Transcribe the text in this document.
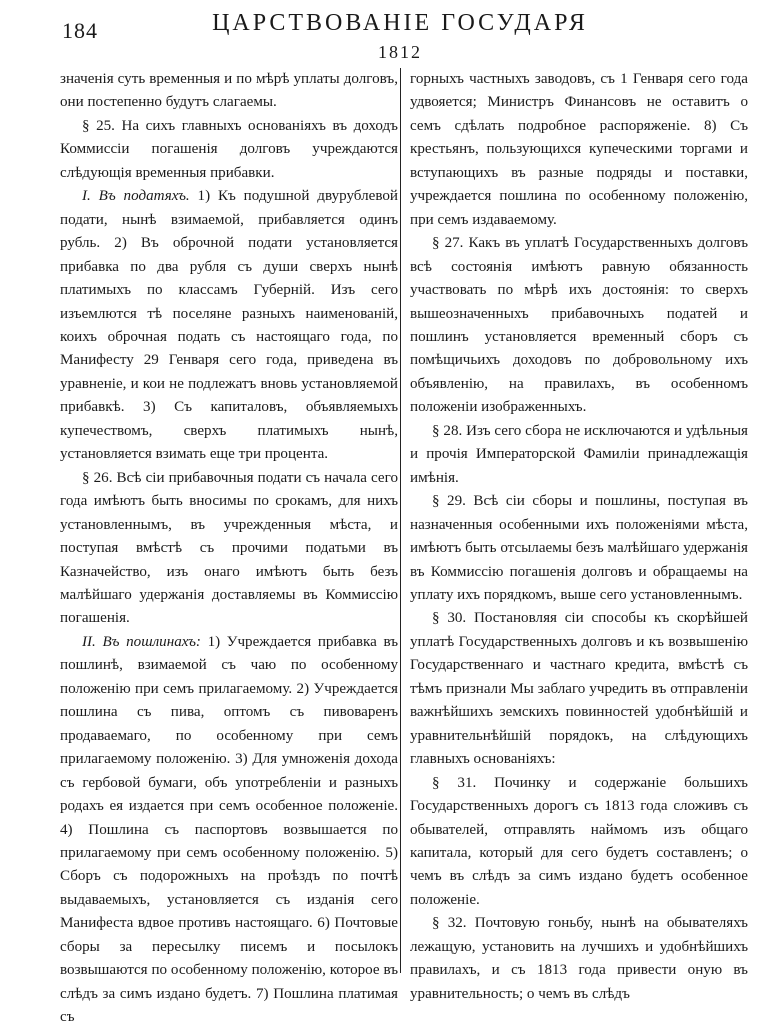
184	ЦАРСТВОВАНІЕ ГОСУДАРЯ
1812

значенія суть временныя и по мѣрѣ уплаты долговъ, они постепенно будутъ слагаемы.

§ 25. На сихъ главныхъ основаніяхъ въ доходъ Коммиссіи погашенія долговъ учреждаются слѣдующія временныя прибавки.

I. Въ податяхъ. 1) Къ подушной двурублевой подати, нынѣ взимаемой, прибавляется одинъ рубль. 2) Въ оброчной подати установляется прибавка по два рубля съ души сверхъ нынѣ платимыхъ по классамъ Губерній. Изъ сего изъемлются тѣ поселяне разныхъ наименованій, коихъ оброчная подать съ настоящаго года, по Манифесту 29 Генваря сего года, приведена въ уравненіе, и кои не подлежатъ вновь установляемой прибавкѣ. 3) Съ капиталовъ, объявляемыхъ купечествомъ, сверхъ платимыхъ нынѣ, установляется взимать еще три процента.

§ 26. Всѣ сіи прибавочныя подати съ начала сего года имѣютъ быть вносимы по срокамъ, для нихъ установленнымъ, въ учрежденныя мѣста, и поступая вмѣстѣ съ прочими податьми въ Казначейство, изъ онаго имѣютъ быть безъ малѣйшаго удержанія доставляемы въ Коммиссію погашенія.

II. Въ пошлинахъ: 1) Учреждается прибавка въ пошлинѣ, взимаемой съ чаю по особенному положенію при семъ прилагаемому. 2) Учреждается пошлина съ пива, оптомъ съ пивоваренъ продаваемаго, по особенному при семъ прилагаемому положенію. 3) Для умноженія дохода съ гербовой бумаги, объ употребленіи и разныхъ родахъ ея издается при семъ особенное положеніе. 4) Пошлина съ паспортовъ возвышается по прилагаемому при семъ особенному положенію. 5) Сборъ съ подорожныхъ на проѣздъ по почтѣ выдаваемыхъ, установляется съ изданія сего Манифеста вдвое противъ настоящаго. 6) Почтовые сборы за пересылку писемъ и посылокъ возвышаются по особенному положенію, которое въ слѣдъ за симъ издано будетъ. 7) Пошлина платимая съ

горныхъ частныхъ заводовъ, съ 1 Генваря сего года удвояется; Министръ Финансовъ не оставитъ о семъ сдѣлать подробное распоряженіе. 8) Съ крестьянъ, пользующихся купеческими торгами и вступающихъ въ разные подряды и поставки, учреждается пошлина по особенному положенію, при семъ издаваемому.

§ 27. Какъ въ уплатѣ Государственныхъ долговъ всѣ состоянія имѣютъ равную обязанность участвовать по мѣрѣ ихъ достоянія: то сверхъ вышеозначенныхъ прибавочныхъ податей и пошлинъ установляется временный сборъ съ помѣщичьихъ доходовъ по добровольному ихъ объявленію, на правилахъ, въ особенномъ положеніи изображенныхъ.

§ 28. Изъ сего сбора не исключаются и удѣльныя и прочія Императорской Фамиліи принадлежащія имѣнія.

§ 29. Всѣ сіи сборы и пошлины, поступая въ назначенныя особенными ихъ положеніями мѣста, имѣютъ быть отсылаемы безъ малѣйшаго удержанія въ Коммиссію погашенія долговъ и обращаемы на уплату ихъ порядкомъ, выше сего установленнымъ.

§ 30. Постановляя сіи способы къ скорѣйшей уплатѣ Государственныхъ долговъ и къ возвышенію Государственнаго и частнаго кредита, вмѣстѣ съ тѣмъ признали Мы заблаго учредить въ отправленіи важнѣйшихъ земскихъ повинностей удобнѣйшій и уравнительнѣйшій порядокъ, на слѣдующихъ главныхъ основаніяхъ:

§ 31. Починку и содержаніе большихъ Государственныхъ дорогъ съ 1813 года сложивъ съ обывателей, отправлять наймомъ изъ общаго капитала, который для сего будетъ составленъ; о чемъ въ слѣдъ за симъ издано будетъ особенное положеніе.

§ 32. Почтовую гоньбу, нынѣ на обывателяхъ лежащую, установить на лучшихъ и удобнѣйшихъ правилахъ, и съ 1813 года привести оную въ уравнительность; о чемъ въ слѣдъ
